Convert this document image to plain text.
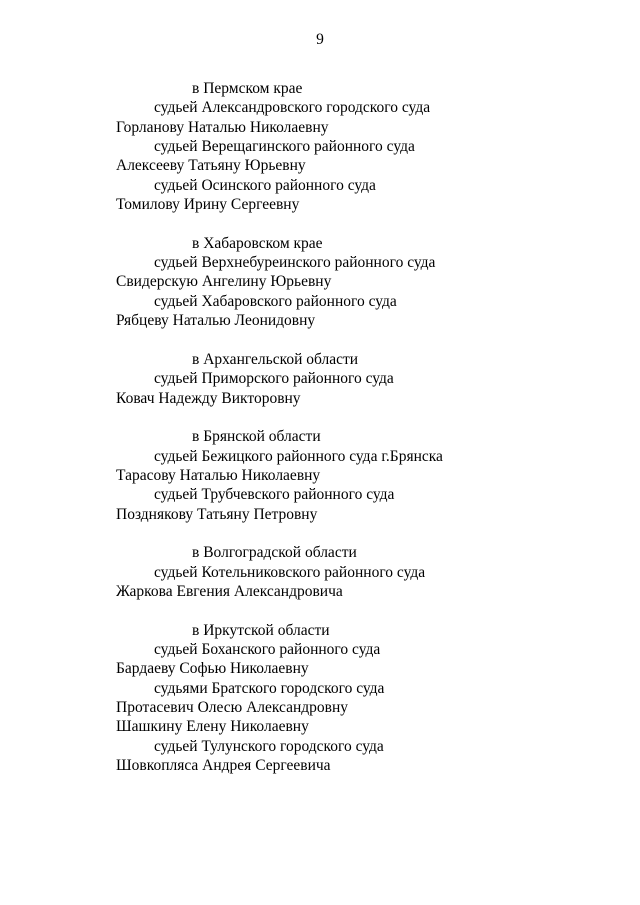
9
в Пермском крае
судьей Александровского городского суда
Горланову Наталью Николаевну
судьей Верещагинского районного суда
Алексееву Татьяну Юрьевну
судьей Осинского районного суда
Томилову Ирину Сергеевну
в Хабаровском крае
судьей Верхнебуреинского районного суда
Свидерскую Ангелину Юрьевну
судьей Хабаровского районного суда
Рябцеву Наталью Леонидовну
в Архангельской области
судьей Приморского районного суда
Ковач Надежду Викторовну
в Брянской области
судьей Бежицкого районного суда г.Брянска
Тарасову Наталью Николаевну
судьей Трубчевского районного суда
Позднякову Татьяну Петровну
в Волгоградской области
судьей Котельниковского районного суда
Жаркова Евгения Александровича
в Иркутской области
судьей Боханского районного суда
Бардаеву Софью Николаевну
судьями Братского городского суда
Протасевич Олесю Александровну
Шашкину Елену Николаевну
судьей Тулунского городского суда
Шовкопляса Андрея Сергеевича
